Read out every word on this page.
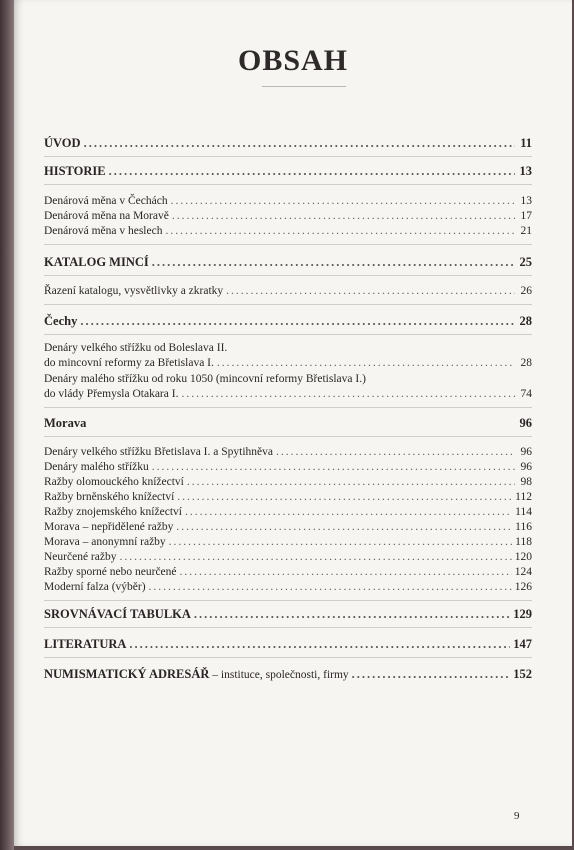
OBSAH
ÚVOD .....	11
HISTORIE .....	13
Denárová měna v Čechách .....	13
Denárová měna na Moravě .....	17
Denárová měna v heslech .....	21
KATALOG MINCÍ .....	25
Řazení katalogu, vysvětlivky a zkratky .....	26
Čechy .....	28
Denáry velkého střížku od Boleslava II.
do mincovní reformy za Břetislava I. .....	28
Denáry malého střížku od roku 1050 (mincovní reformy Břetislava I.)
do vlády Přemysla Otakara I. .....	74
Morava	96
Denáry velkého střížku Břetislava I. a Spytihněva .....	96
Denáry malého střížku .....	96
Ražby olomouckého knížectví .....	98
Ražby brněnského knížectví .....	112
Ražby znojemského knížectví .....	114
Morava – nepřidělené ražby .....	116
Morava – anonymní ražby .....	118
Neurčené ražby .....	120
Ražby sporné nebo neurčené .....	124
Moderní falza (výběr) .....	126
SROVNÁVACÍ TABULKA .....	129
LITERATURA .....	147
NUMISMATICKÝ ADRESÁŘ – instituce, společnosti, firmy .....	152
9
